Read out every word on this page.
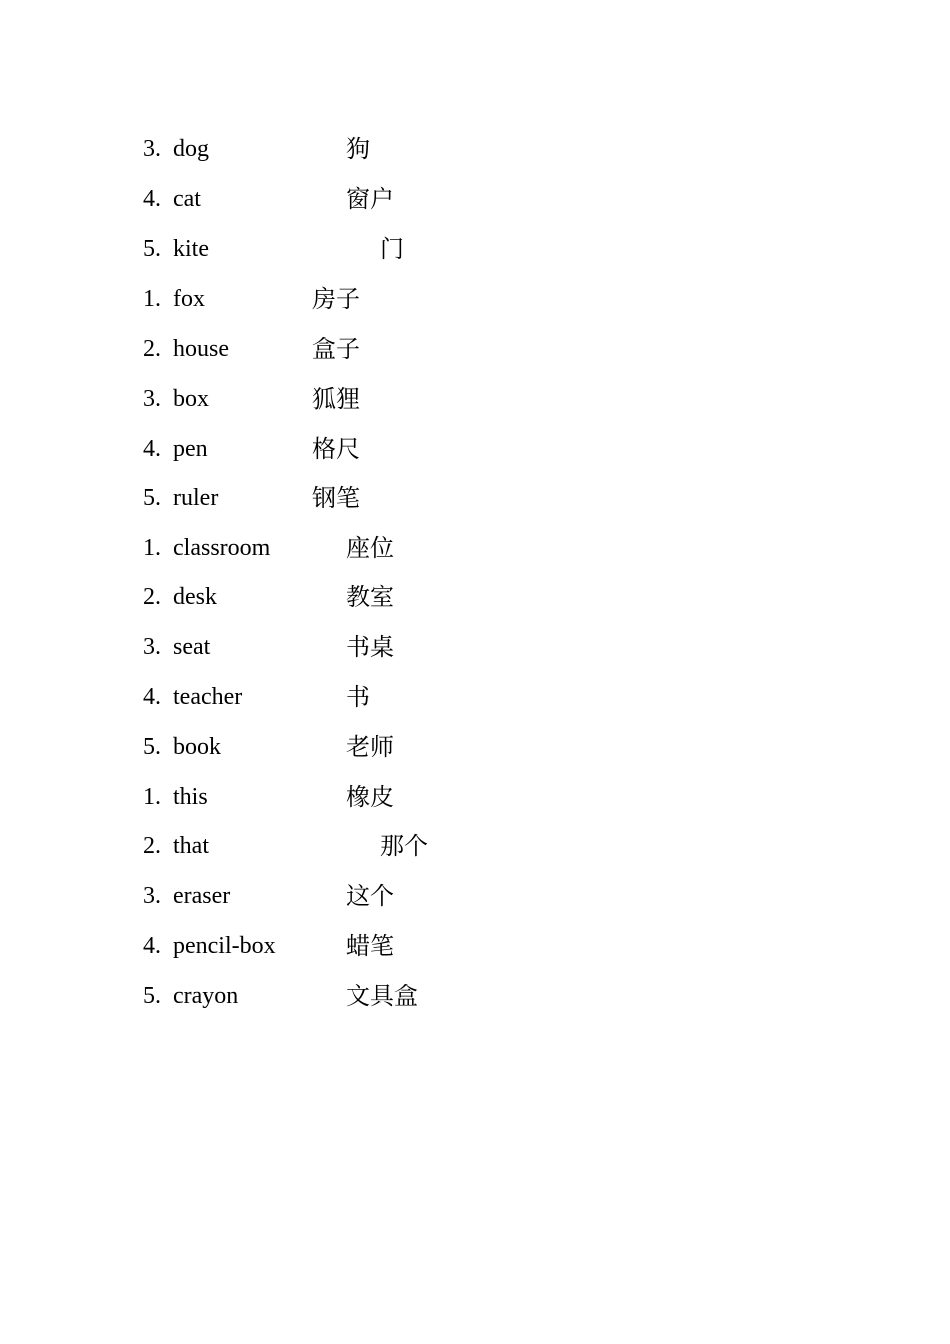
3. dog	狗
4. cat	窗户
5. kite	门
1. fox	房子
2. house	盒子
3. box	狐狸
4. pen	格尺
5. ruler	钢笔
1. classroom	座位
2. desk	教室
3. seat	书桌
4. teacher	书
5. book	老师
1. this	橡皮
2. that	那个
3. eraser	这个
4. pencil-box	蜡笔
5. crayon	文具盒
